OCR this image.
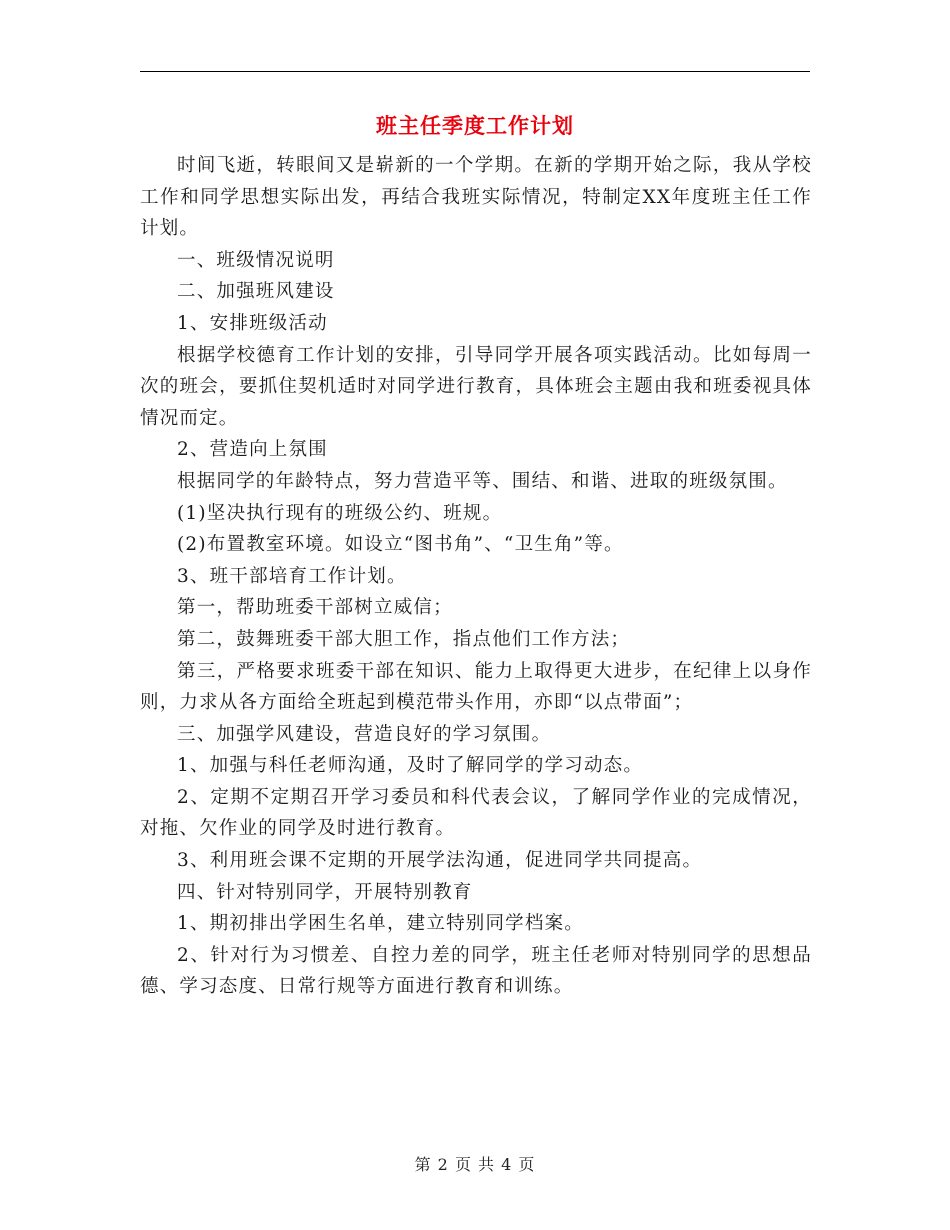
班主任季度工作计划

时间飞逝，转眼间又是崭新的一个学期。在新的学期开始之际，我从学校工作和同学思想实际出发，再结合我班实际情况，特制定XX年度班主任工作计划。

一、班级情况说明

二、加强班风建设

1、安排班级活动

根据学校德育工作计划的安排，引导同学开展各项实践活动。比如每周一次的班会，要抓住契机适时对同学进行教育，具体班会主题由我和班委视具体情况而定。

2、营造向上氛围

根据同学的年龄特点，努力营造平等、围结、和谐、进取的班级氛围。

(1)坚决执行现有的班级公约、班规。

(2)布置教室环境。如设立“图书角”、“卫生角”等。

3、班干部培育工作计划。

第一，帮助班委干部树立威信；

第二，鼓舞班委干部大胆工作，指点他们工作方法；

第三，严格要求班委干部在知识、能力上取得更大进步，在纪律上以身作则，力求从各方面给全班起到模范带头作用，亦即“以点带面”；

三、加强学风建设，营造良好的学习氛围。

1、加强与科任老师沟通，及时了解同学的学习动态。

2、定期不定期召开学习委员和科代表会议，了解同学作业的完成情况，对拖、欠作业的同学及时进行教育。

3、利用班会课不定期的开展学法沟通，促进同学共同提高。

四、针对特别同学，开展特别教育

1、期初排出学困生名单，建立特别同学档案。

2、针对行为习惯差、自控力差的同学，班主任老师对特别同学的思想品德、学习态度、日常行规等方面进行教育和训练。

第 2 页 共 4 页
